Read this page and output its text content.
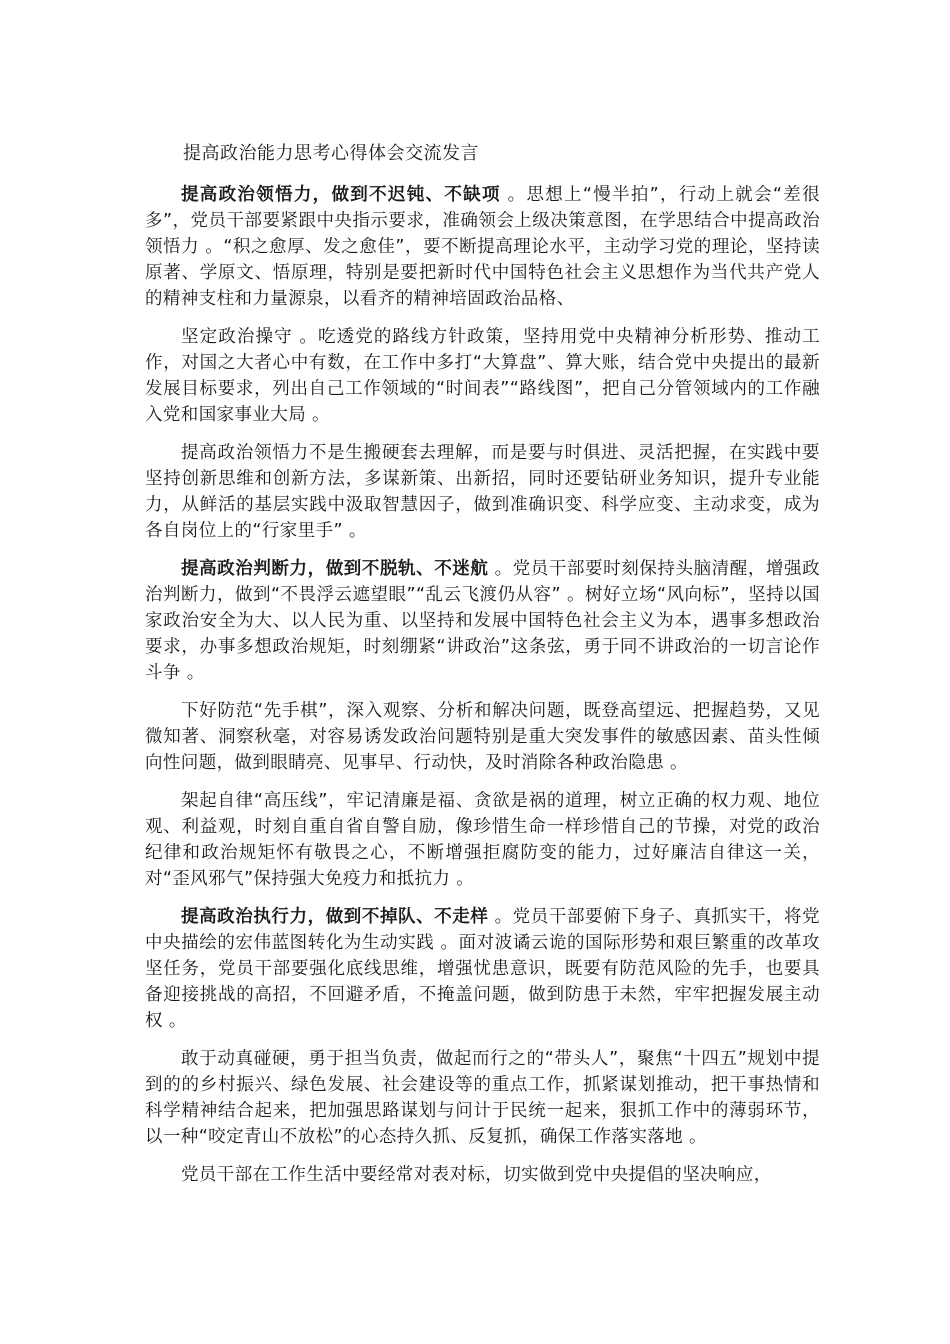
提高政治能力思考心得体会交流发言

提高政治领悟力，做到不迟钝、不缺项 。思想上“慢半拍”，行动上就会“差很多”，党员干部要紧跟中央指示要求，准确领会上级决策意图，在学思结合中提高政治领悟力 。“积之愈厚、发之愈佳”，要不断提高理论水平，主动学习党的理论，坚持读原著、学原文、悟原理，特别是要把新时代中国特色社会主义思想作为当代共产党人的精神支柱和力量源泉，以看齐的精神培固政治品格、

坚定政治操守 。吃透党的路线方针政策，坚持用党中央精神分析形势、推动工作，对国之大者心中有数，在工作中多打“大算盘”、算大账，结合党中央提出的最新发展目标要求，列出自己工作领域的“时间表”“路线图”，把自己分管领域内的工作融入党和国家事业大局 。

提高政治领悟力不是生搬硬套去理解，而是要与时俱进、灵活把握，在实践中要坚持创新思维和创新方法，多谋新策、出新招，同时还要钻研业务知识，提升专业能力，从鲜活的基层实践中汲取智慧因子，做到准确识变、科学应变、主动求变，成为各自岗位上的“行家里手” 。

提高政治判断力，做到不脱轨、不迷航 。党员干部要时刻保持头脑清醒，增强政治判断力，做到“不畏浮云遮望眼”“乱云飞渡仍从容” 。树好立场“风向标”，坚持以国家政治安全为大、以人民为重、以坚持和发展中国特色社会主义为本，遇事多想政治要求，办事多想政治规矩，时刻绷紧“讲政治”这条弦，勇于同不讲政治的一切言论作斗争 。

下好防范“先手棋”，深入观察、分析和解决问题，既登高望远、把握趋势，又见微知著、洞察秋毫，对容易诱发政治问题特别是重大突发事件的敏感因素、苗头性倾向性问题，做到眼睛亮、见事早、行动快，及时消除各种政治隐患 。

架起自律“高压线”，牢记清廉是福、贪欲是祸的道理，树立正确的权力观、地位观、利益观，时刻自重自省自警自励，像珍惜生命一样珍惜自己的节操，对党的政治纪律和政治规矩怀有敬畏之心，不断增强拒腐防变的能力，过好廉洁自律这一关，对“歪风邪气”保持强大免疫力和抵抗力 。

提高政治执行力，做到不掉队、不走样 。党员干部要俯下身子、真抓实干，将党中央描绘的宏伟蓝图转化为生动实践 。面对波谲云诡的国际形势和艰巨繁重的改革攻坚任务，党员干部要强化底线思维，增强忧患意识，既要有防范风险的先手，也要具备迎接挑战的高招，不回避矛盾，不掩盖问题，做到防患于未然，牢牢把握发展主动权 。

敢于动真碰硬，勇于担当负责，做起而行之的“带头人”，聚焦“十四五”规划中提到的的乡村振兴、绿色发展、社会建设等的重点工作，抓紧谋划推动，把干事热情和科学精神结合起来，把加强思路谋划与问计于民统一起来，狠抓工作中的薄弱环节，以一种“咬定青山不放松”的心态持久抓、反复抓，确保工作落实落地 。

党员干部在工作生活中要经常对表对标，切实做到党中央提倡的坚决响应，
